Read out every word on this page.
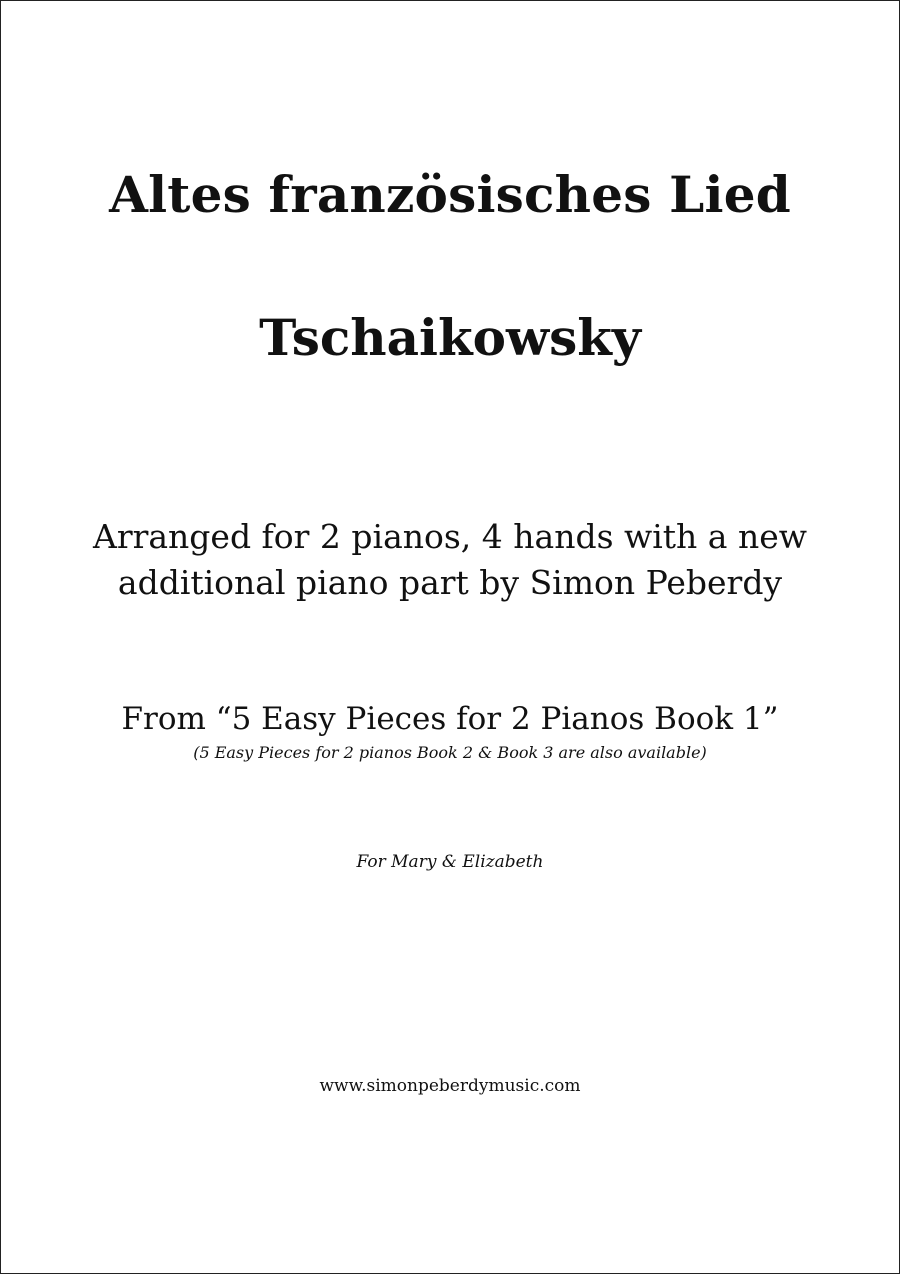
Altes französisches Lied
Tschaikowsky
Arranged for 2 pianos, 4 hands with a new
additional piano part by Simon Peberdy
From “5 Easy Pieces for 2 Pianos Book 1”
(5 Easy Pieces for 2 pianos Book 2 & Book 3 are also available)
For Mary & Elizabeth
www.simonpeberdymusic.com
